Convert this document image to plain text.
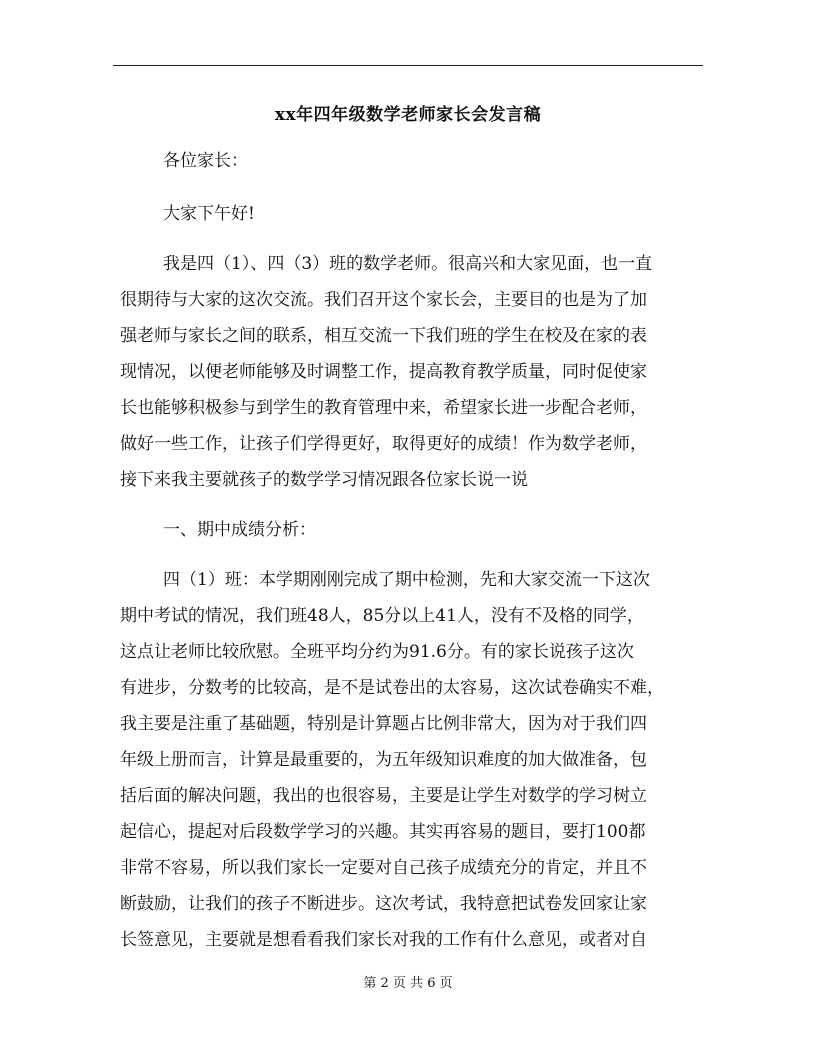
xx年四年级数学老师家长会发言稿
各位家长：
大家下午好!
我是四（1）、四（3）班的数学老师。很高兴和大家见面，也一直
很期待与大家的这次交流。我们召开这个家长会，主要目的也是为了加
强老师与家长之间的联系，相互交流一下我们班的学生在校及在家的表
现情况，以便老师能够及时调整工作，提高教育教学质量，同时促使家
长也能够积极参与到学生的教育管理中来，希望家长进一步配合老师，
做好一些工作，让孩子们学得更好，取得更好的成绩！作为数学老师，
接下来我主要就孩子的数学学习情况跟各位家长说一说
一、期中成绩分析：
四（1）班：本学期刚刚完成了期中检测，先和大家交流一下这次
期中考试的情况，我们班48人，85分以上41人，没有不及格的同学，
这点让老师比较欣慰。全班平均分约为91.6分。有的家长说孩子这次
有进步，分数考的比较高，是不是试卷出的太容易，这次试卷确实不难，
我主要是注重了基础题，特别是计算题占比例非常大，因为对于我们四
年级上册而言，计算是最重要的，为五年级知识难度的加大做准备，包
括后面的解决问题，我出的也很容易，主要是让学生对数学的学习树立
起信心，提起对后段数学学习的兴趣。其实再容易的题目，要打100都
非常不容易，所以我们家长一定要对自己孩子成绩充分的肯定，并且不
断鼓励，让我们的孩子不断进步。这次考试，我特意把试卷发回家让家
长签意见，主要就是想看看我们家长对我的工作有什么意见，或者对自
第 2 页 共 6 页
